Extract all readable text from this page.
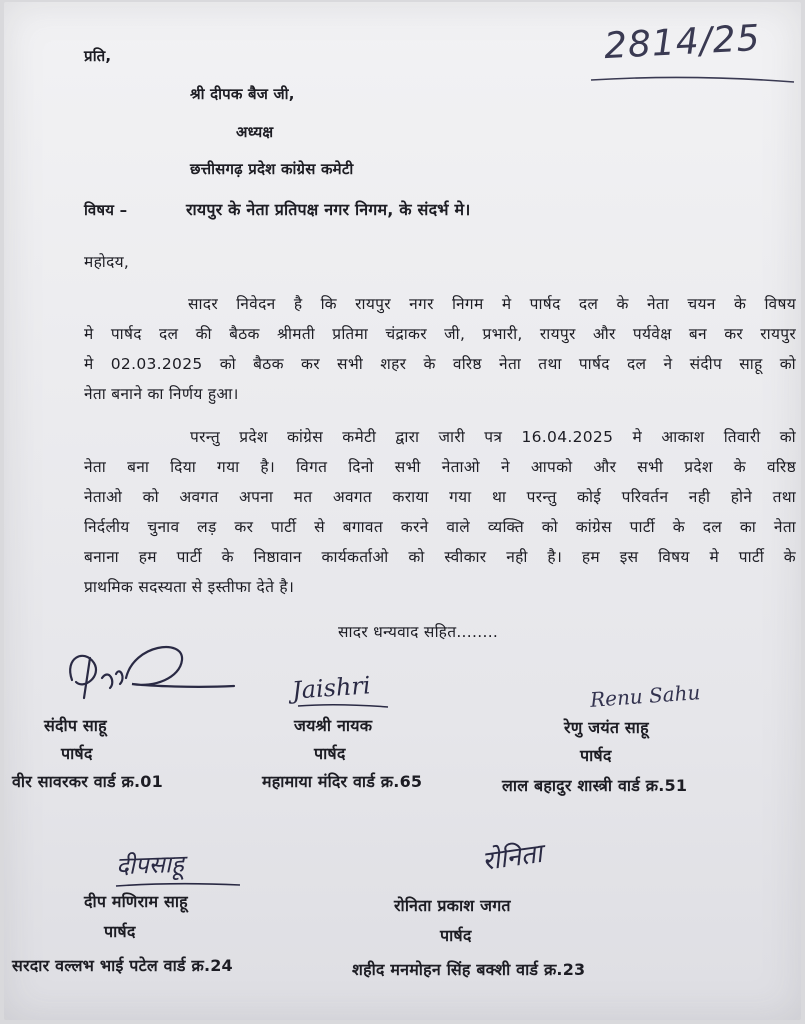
2814/25
प्रति,
श्री दीपक बैज जी,
अध्यक्ष
छत्तीसगढ़ प्रदेश कांग्रेस कमेटी
विषय –	रायपुर के नेता प्रतिपक्ष नगर निगम, के संदर्भ मे।
महोदय,
सादर निवेदन है कि रायपुर नगर निगम मे पार्षद दल के नेता चयन के विषय
मे पार्षद दल की बैठक श्रीमती प्रतिमा चंद्राकर जी, प्रभारी, रायपुर और पर्यवेक्ष बन कर रायपुर
मे 02.03.2025 को बैठक कर सभी शहर के वरिष्ठ नेता तथा पार्षद दल ने संदीप साहू को
नेता बनाने का निर्णय हुआ।
परन्तु प्रदेश कांग्रेस कमेटी द्वारा जारी पत्र 16.04.2025 मे आकाश तिवारी को
नेता बना दिया गया है। विगत दिनो सभी नेताओ ने आपको और सभी प्रदेश के वरिष्ठ
नेताओ को अवगत अपना मत अवगत कराया गया था परन्तु कोई परिवर्तन नही होने तथा
निर्दलीय चुनाव लड़ कर पार्टी से बगावत करने वाले व्यक्ति को कांग्रेस पार्टी के दल का नेता
बनाना हम पार्टी के निष्ठावान कार्यकर्ताओ को स्वीकार नही है। हम इस विषय मे पार्टी के
प्राथमिक सदस्यता से इस्तीफा देते है।
सादर धन्यवाद सहित........
Jaishri	Renu Sahu
संदीप साहू
पार्षद
वीर सावरकर वार्ड क्र.01
जयश्री नायक
पार्षद
महामाया मंदिर वार्ड क्र.65
रेणु जयंत साहू
पार्षद
लाल बहादुर शास्त्री वार्ड क्र.51
दीपसाहू	रोनिता
दीप मणिराम साहू
पार्षद
सरदार वल्लभ भाई पटेल वार्ड क्र.24
रोनिता प्रकाश जगत
पार्षद
शहीद मनमोहन सिंह बक्शी वार्ड क्र.23
